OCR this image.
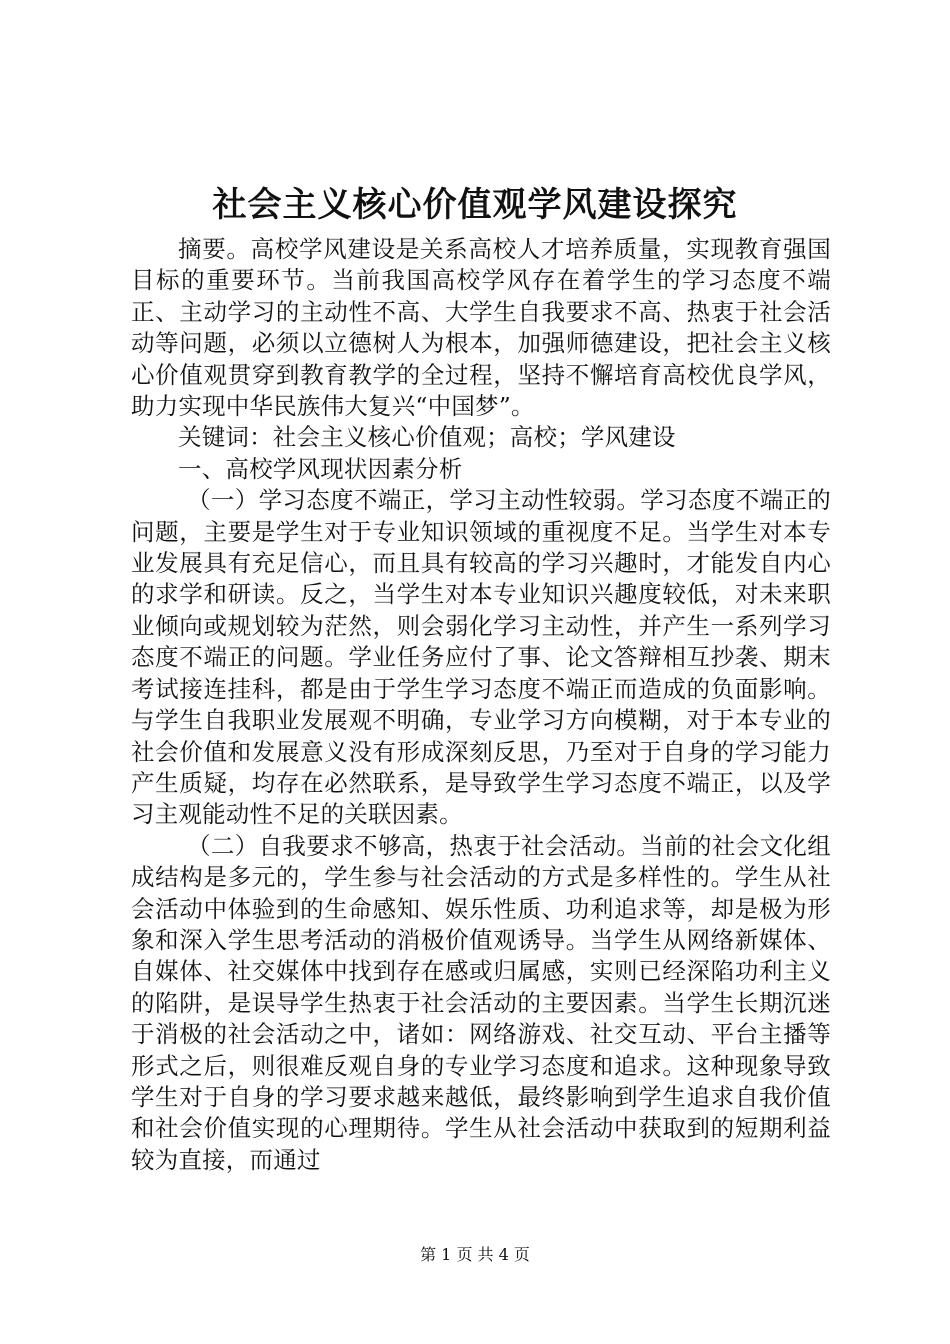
社会主义核心价值观学风建设探究

摘要。高校学风建设是关系高校人才培养质量，实现教育强国目标的重要环节。当前我国高校学风存在着学生的学习态度不端正、主动学习的主动性不高、大学生自我要求不高、热衷于社会活动等问题，必须以立德树人为根本，加强师德建设，把社会主义核心价值观贯穿到教育教学的全过程，坚持不懈培育高校优良学风，助力实现中华民族伟大复兴“中国梦”。

关键词：社会主义核心价值观；高校；学风建设

一、高校学风现状因素分析

（一）学习态度不端正，学习主动性较弱。学习态度不端正的问题，主要是学生对于专业知识领域的重视度不足。当学生对本专业发展具有充足信心，而且具有较高的学习兴趣时，才能发自内心的求学和研读。反之，当学生对本专业知识兴趣度较低，对未来职业倾向或规划较为茫然，则会弱化学习主动性，并产生一系列学习态度不端正的问题。学业任务应付了事、论文答辩相互抄袭、期末考试接连挂科，都是由于学生学习态度不端正而造成的负面影响。与学生自我职业发展观不明确，专业学习方向模糊，对于本专业的社会价值和发展意义没有形成深刻反思，乃至对于自身的学习能力产生质疑，均存在必然联系，是导致学生学习态度不端正，以及学习主观能动性不足的关联因素。

（二）自我要求不够高，热衷于社会活动。当前的社会文化组成结构是多元的，学生参与社会活动的方式是多样性的。学生从社会活动中体验到的生命感知、娱乐性质、功利追求等，却是极为形象和深入学生思考活动的消极价值观诱导。当学生从网络新媒体、自媒体、社交媒体中找到存在感或归属感，实则已经深陷功利主义的陷阱，是误导学生热衷于社会活动的主要因素。当学生长期沉迷于消极的社会活动之中，诸如：网络游戏、社交互动、平台主播等形式之后，则很难反观自身的专业学习态度和追求。这种现象导致学生对于自身的学习要求越来越低，最终影响到学生追求自我价值和社会价值实现的心理期待。学生从社会活动中获取到的短期利益较为直接，而通过

第 1 页 共 4 页
